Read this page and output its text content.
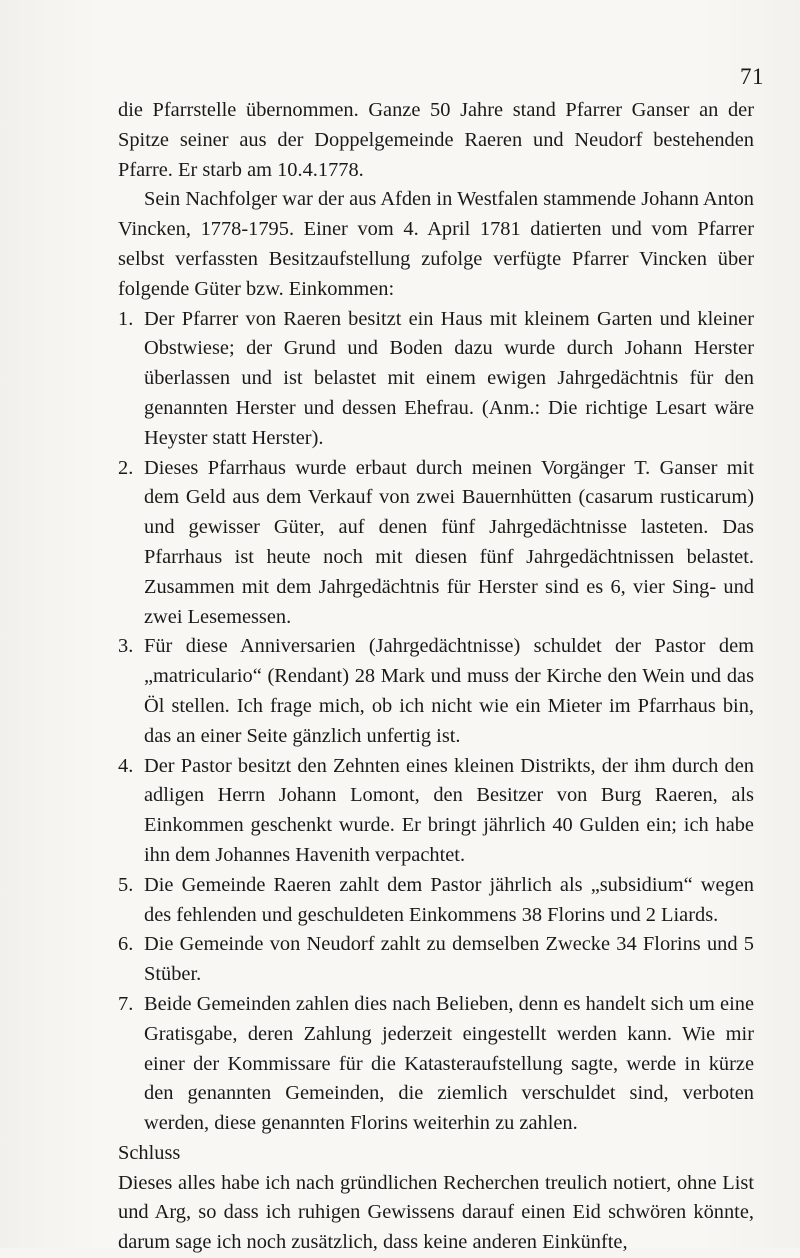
71

die Pfarrstelle übernommen. Ganze 50 Jahre stand Pfarrer Ganser an der Spitze seiner aus der Doppelgemeinde Raeren und Neudorf bestehenden Pfarre. Er starb am 10.4.1778.

Sein Nachfolger war der aus Afden in Westfalen stammende Johann Anton Vincken, 1778-1795. Einer vom 4. April 1781 datierten und vom Pfarrer selbst verfassten Besitzaufstellung zufolge verfügte Pfarrer Vincken über folgende Güter bzw. Einkommen:

1. Der Pfarrer von Raeren besitzt ein Haus mit kleinem Garten und kleiner Obstwiese; der Grund und Boden dazu wurde durch Johann Herster überlassen und ist belastet mit einem ewigen Jahrgedächtnis für den genannten Herster und dessen Ehefrau. (Anm.: Die richtige Lesart wäre Heyster statt Herster).
2. Dieses Pfarrhaus wurde erbaut durch meinen Vorgänger T. Ganser mit dem Geld aus dem Verkauf von zwei Bauernhütten (casarum rusticarum) und gewisser Güter, auf denen fünf Jahrgedächtnisse lasteten. Das Pfarrhaus ist heute noch mit diesen fünf Jahrgedächtnissen belastet. Zusammen mit dem Jahrgedächtnis für Herster sind es 6, vier Sing- und zwei Lesemessen.
3. Für diese Anniversarien (Jahrgedächtnisse) schuldet der Pastor dem „matriculario“ (Rendant) 28 Mark und muss der Kirche den Wein und das Öl stellen. Ich frage mich, ob ich nicht wie ein Mieter im Pfarrhaus bin, das an einer Seite gänzlich unfertig ist.
4. Der Pastor besitzt den Zehnten eines kleinen Distrikts, der ihm durch den adligen Herrn Johann Lomont, den Besitzer von Burg Raeren, als Einkommen geschenkt wurde. Er bringt jährlich 40 Gulden ein; ich habe ihn dem Johannes Havenith verpachtet.
5. Die Gemeinde Raeren zahlt dem Pastor jährlich als „subsidium“ wegen des fehlenden und geschuldeten Einkommens 38 Florins und 2 Liards.
6. Die Gemeinde von Neudorf zahlt zu demselben Zwecke 34 Florins und 5 Stüber.
7. Beide Gemeinden zahlen dies nach Belieben, denn es handelt sich um eine Gratisgabe, deren Zahlung jederzeit eingestellt werden kann. Wie mir einer der Kommissare für die Katasteraufstellung sagte, werde in kürze den genannten Gemeinden, die ziemlich verschuldet sind, verboten werden, diese genannten Florins weiterhin zu zahlen.

Schluss

Dieses alles habe ich nach gründlichen Recherchen treulich notiert, ohne List und Arg, so dass ich ruhigen Gewissens darauf einen Eid schwören könnte, darum sage ich noch zusätzlich, dass keine anderen Einkünfte,
